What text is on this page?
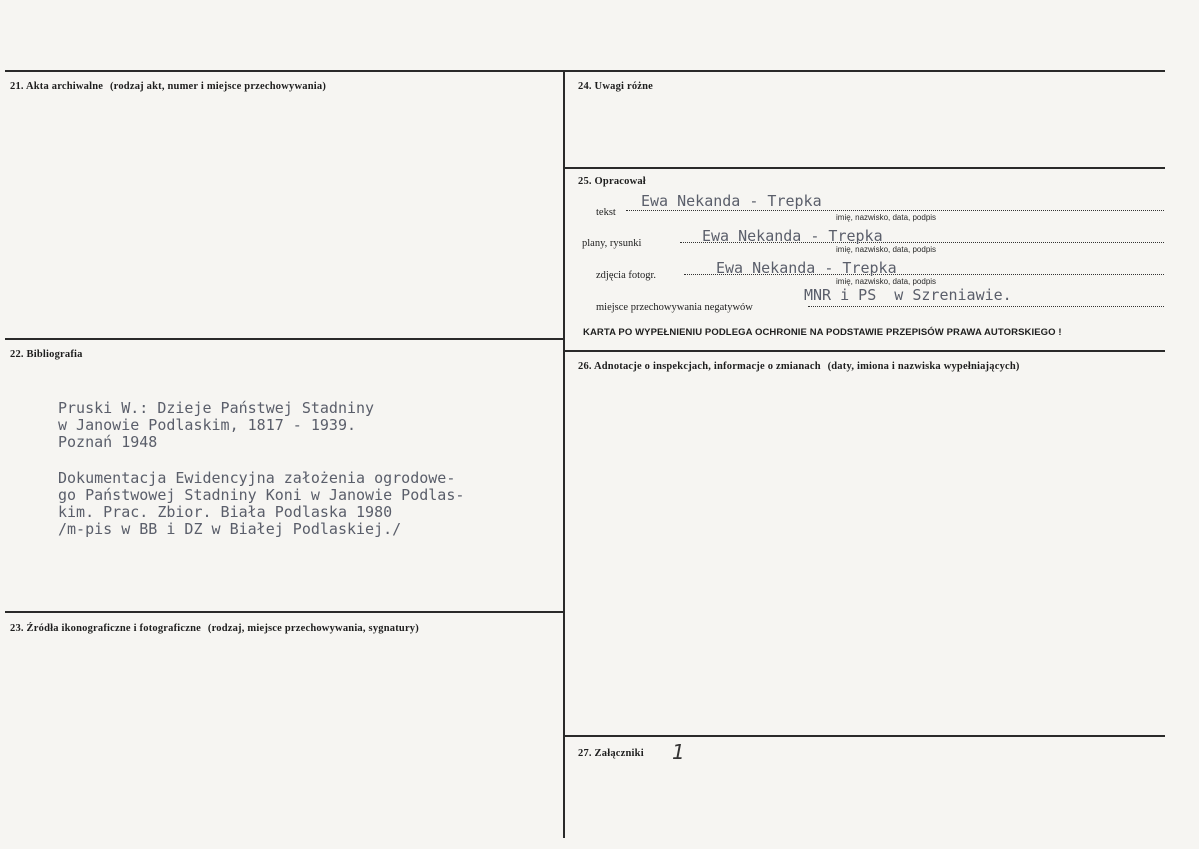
21. Akta archiwalne (rodzaj akt, numer i miejsce przechowywania)
22. Bibliografia
Pruski W.: Dzieje Państwej Stadniny
w Janowie Podlaskim, 1817 - 1939.
Poznań 1948
Dokumentacja Ewidencyjna założenia ogrodowe-
go Państwowej Stadniny Koni w Janowie Podlas-
kim. Prac. Zbior. Biała Podlaska 1980
/m-pis w BB i DZ w Białej Podlaskiej./
23. Źródła ikonograficzne i fotograficzne (rodzaj, miejsce przechowywania, sygnatury)
24. Uwagi różne
25. Opracował
tekst
Ewa Nekanda - Trepka
imię, nazwisko, data, podpis
plany, rysunki	Ewa Nekanda - Trepka
imię, nazwisko, data, podpis
zdjęcia fotogr.	Ewa Nekanda - Trepka
imię, nazwisko, data, podpis
miejsce przechowywania negatywów
MNR i PS  w Szreniawie.
KARTA PO WYPEŁNIENIU PODLEGA OCHRONIE NA PODSTAWIE PRZEPISÓW PRAWA AUTORSKIEGO !
26. Adnotacje o inspekcjach, informacje o zmianach (daty, imiona i nazwiska wypełniających)
27. Załączniki 1
